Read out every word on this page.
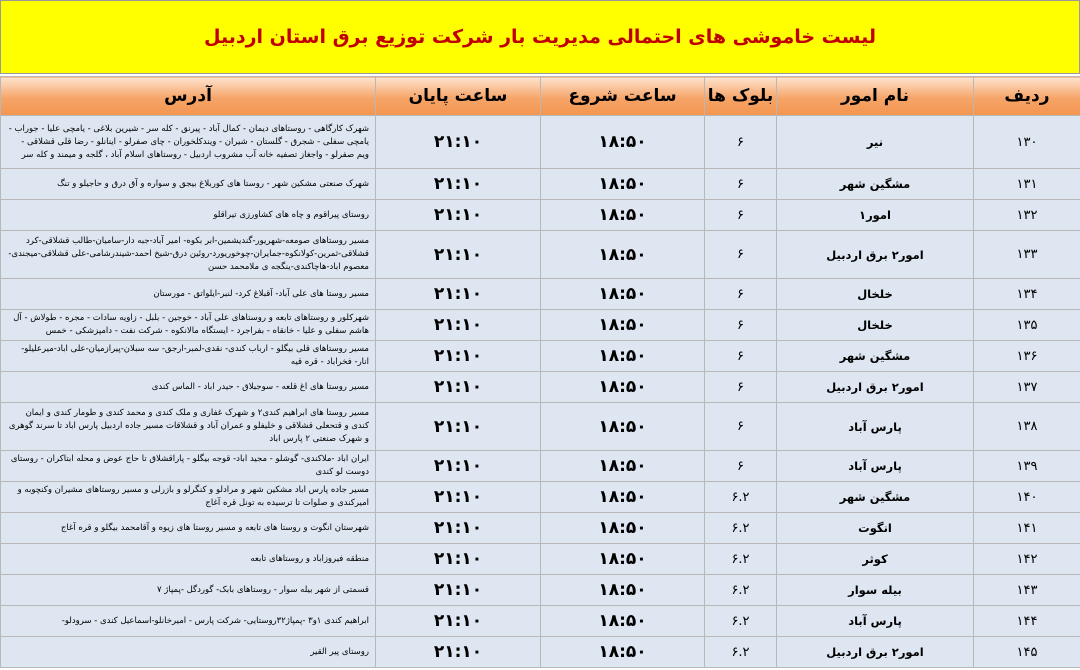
لیست خاموشی های احتمالی مدیریت بار شرکت توزیع برق استان اردبیل
ردیف	نام امور	بلوک ها	ساعت شروع	ساعت پایان	آدرس
۱۳۰	نیر	۶	۱۸:۵۰	۲۱:۱۰	شهرک کارگاهی - روستاهای دیمان - کمال آباد - پیرنق - کله سر - شیرین بلاغی - یامچی علیا - جوراب - یامچی سفلی - شجرق - گلستان - شیران - ویندکلخوران - چای صفرلو - اینانلو - رضا قلی قشلاقی - ویم صفرلو - واجغاز تصفیه خانه آب مشروب اردبیل - روستاهای اسلام آباد ، گلجه و میمند و کله سر
۱۳۱	مشگین شهر	۶	۱۸:۵۰	۲۱:۱۰	شهرک صنعتی مشکین شهر - روستا های کوربلاغ بیجق و سواره و آق درق و حاجیلو و تنگ
۱۳۲	امور۱	۶	۱۸:۵۰	۲۱:۱۰	روستای پیراقوم و چاه های کشاورزی تیراقلو
۱۳۳	امور۲ برق اردبیل	۶	۱۸:۵۰	۲۱:۱۰	مسیر روستاهای صومعه-شهریور-گندیشمین-ابر بکوه- امیر آباد-جبه دار-سامیان-طالب قشلاقی-کرد قشلاقی-ثمرین-کولانکوه-جمایران-چوخوریورد-روئین درق-شیخ احمد-شیندرشامی-علی قشلاقی-میجندی-معصوم اباد-هاچاکندی-ینگجه ی ملامحمد حسن
۱۳۴	خلخال	۶	۱۸:۵۰	۲۱:۱۰	مسیر روستا های علی آباد- آقبلاغ کرد- لنبر-ایلواتق - مورستان
۱۳۵	خلخال	۶	۱۸:۵۰	۲۱:۱۰	شهرکلور و روستاهای تابعه و روستاهای علی آباد - خوجین - بلبل - زاویه سادات - مجره - طولاش - آل هاشم سفلی و علیا - خانقاه - بفراجرد - ایستگاه مالانکوه - شرکت نفت - دامپزشکی - خمس
۱۳۶	مشگین شهر	۶	۱۸:۵۰	۲۱:۱۰	مسیر روستاهای قلی بیگلو - ارباب کندی- نقدی-لمبر-ارجق- سه سبلان-پیرازمیان-علی اباد-میرعلیلو-انار- فخراباد - قره قیه
۱۳۷	امور۲ برق اردبیل	۶	۱۸:۵۰	۲۱:۱۰	مسیر روستا های اغ قلعه - سوجبلاق - حیدر اباد - الماس کندی
۱۳۸	پارس آباد	۶	۱۸:۵۰	۲۱:۱۰	مسیر روستا های ابراهیم کندی۲ و شهرک غفاری و ملک کندی و محمد کندی و طومار کندی و ایمان کندی و قتحعلی قشلاقی و خلیفلو و عمران آباد و قشلاقات مسیر جاده اردبیل پارس اباد تا سرند گوهری و شهرک صنعتی ۲ پارس اباد
۱۳۹	پارس آباد	۶	۱۸:۵۰	۲۱:۱۰	ایران اباد -ملاکندی- گوشلو - مجید اباد- قوجه بیگلو - پاراقشلاق تا حاج عوض و محله ابتاکران - روستای دوست لو کندی
۱۴۰	مشگین شهر	۶.۲	۱۸:۵۰	۲۱:۱۰	مسیر جاده پارس اباد مشکین شهر و مرادلو و کنگرلو و بازرلی و مسیر روستاهای مشیران وکنچوبه و امیرکندی و صلوات تا ترسیده به تونل قره آغاج
۱۴۱	انگوت	۶.۲	۱۸:۵۰	۲۱:۱۰	شهرستان انگوت و روستا های تابعه و مسیر روستا های زیوه و آقامحمد بیگلو و قره آغاج
۱۴۲	کوثر	۶.۲	۱۸:۵۰	۲۱:۱۰	منطقه فیروزاباد و روستاهای تابعه
۱۴۳	بیله سوار	۶.۲	۱۸:۵۰	۲۱:۱۰	قسمتی از شهر بیله سوار - روستاهای بابک- گوردگل -پمپاژ ۷
۱۴۴	پارس آباد	۶.۲	۱۸:۵۰	۲۱:۱۰	ابراهیم کندی ۱و۳ -پمپاژ۳۲روستایی- شرکت پارس - امیرخانلو-اسماعیل کندی - سرودلو-
۱۴۵	امور۲ برق اردبیل	۶.۲	۱۸:۵۰	۲۱:۱۰	روستای پیر القیر
